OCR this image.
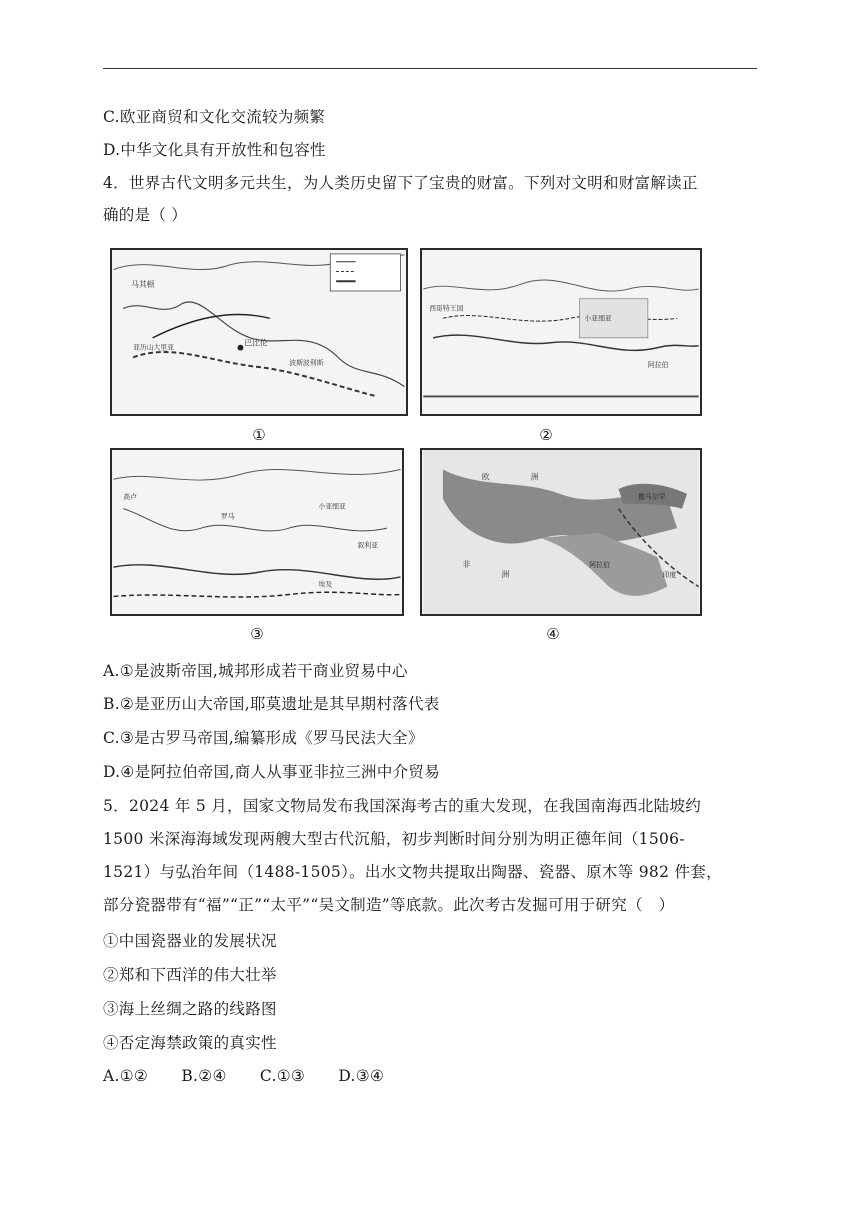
C.欧亚商贸和文化交流较为频繁
D.中华文化具有开放性和包容性
4．世界古代文明多元共生，为人类历史留下了宝贵的财富。下列对文明和财富解读正
确的是（ ）
马其顿
巴比伦
亚历山大里亚
波斯波利斯
①
西哥特王国
小亚细亚
阿拉伯
②
高卢
罗马
小亚细亚
叙利亚
埃及
③
欧	洲
非
洲
阿拉伯
撒马尔罕
印度
④
A.①是波斯帝国,城邦形成若干商业贸易中心
B.②是亚历山大帝国,耶莫遗址是其早期村落代表
C.③是古罗马帝国,编纂形成《罗马民法大全》
D.④是阿拉伯帝国,商人从事亚非拉三洲中介贸易
5．2024 年 5 月，国家文物局发布我国深海考古的重大发现，在我国南海西北陆坡约
1500 米深海海域发现两艘大型古代沉船，初步判断时间分别为明正德年间（1506-
1521）与弘治年间（1488-1505）。出水文物共提取出陶器、瓷器、原木等 982 件套，
部分瓷器带有“福”“正”“太平”“吴文制造”等底款。此次考古发掘可用于研究（　）
①中国瓷器业的发展状况
②郑和下西洋的伟大壮举
③海上丝绸之路的线路图
④否定海禁政策的真实性
A.①② B.②④ C.①③ D.③④
